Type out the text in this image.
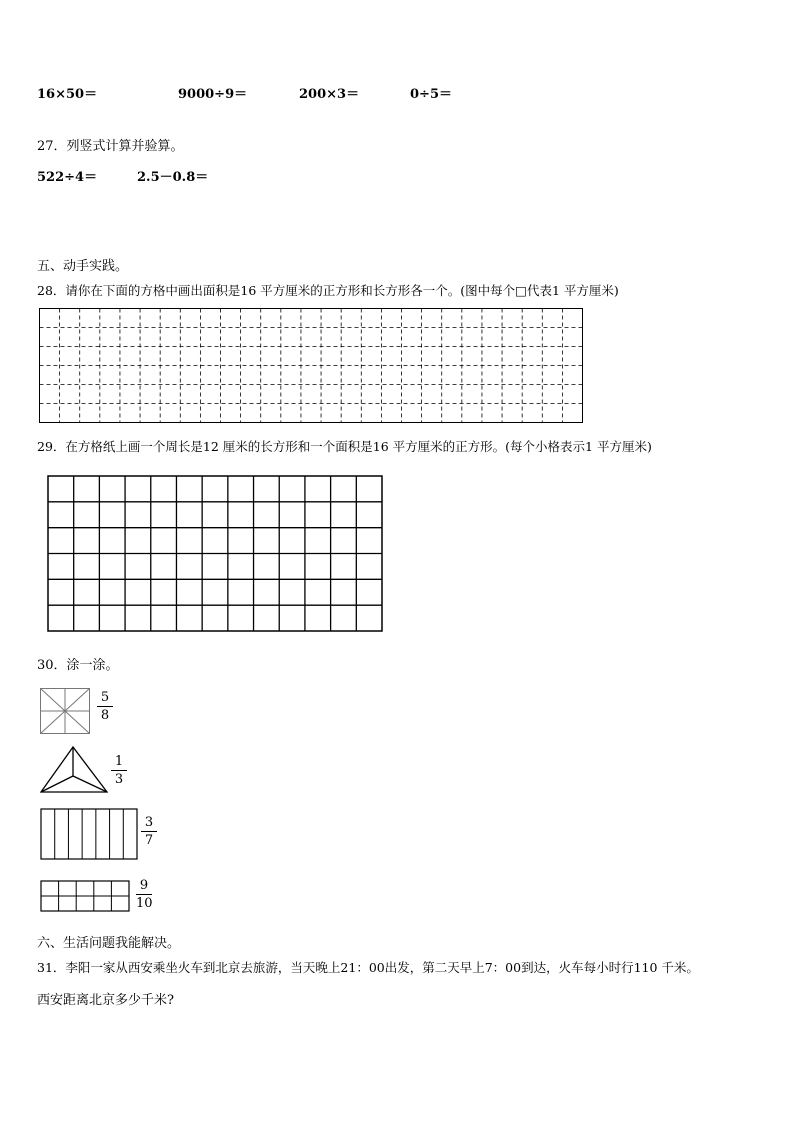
16×50＝	9000÷9＝	200×3＝	0÷5＝
27．列竖式计算并验算。
522÷4＝	2.5－0.8＝
五、动手实践。
28．请你在下面的方格中画出面积是16 平方厘米的正方形和长方形各一个。(图中每个□代表1 平方厘米)
29．在方格纸上画一个周长是12 厘米的长方形和一个面积是16 平方厘米的正方形。(每个小格表示1 平方厘米)
30．涂一涂。
5
8
1
3
3
7
9
10
六、生活问题我能解决。
31．李阳一家从西安乘坐火车到北京去旅游，当天晚上21：00出发，第二天早上7：00到达，火车每小时行110 千米。
西安距离北京多少千米?
